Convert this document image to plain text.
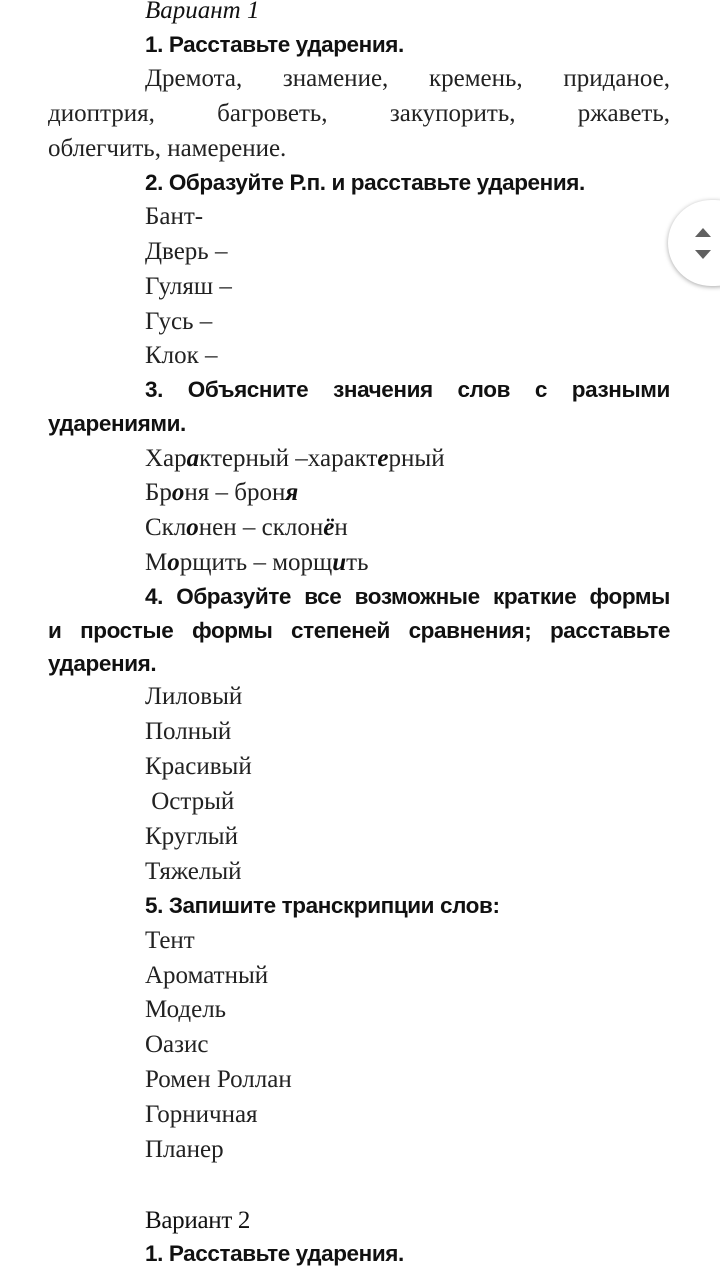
Вариант 1
1. Расставьте ударения.
Дремота, знамение, кремень, приданое,
диоптрия, багроветь, закупорить, ржаветь,
облегчить, намерение.
2. Образуйте Р.п. и расставьте ударения.
Бант-
Дверь –
Гуляш –
Гусь –
Клок –
3. Объясните значения слов с разными
ударениями.
Характерный –характерный
Броня – броня
Склонен – склонён
Морщить – морщить
4. Образуйте все возможные краткие формы
и простые формы степеней сравнения; расставьте
ударения.
Лиловый
Полный
Красивый
Острый
Круглый
Тяжелый
5. Запишите транскрипции слов:
Тент
Ароматный
Модель
Оазис
Ромен Роллан
Горничная
Планер
Вариант 2
1. Расставьте ударения.
